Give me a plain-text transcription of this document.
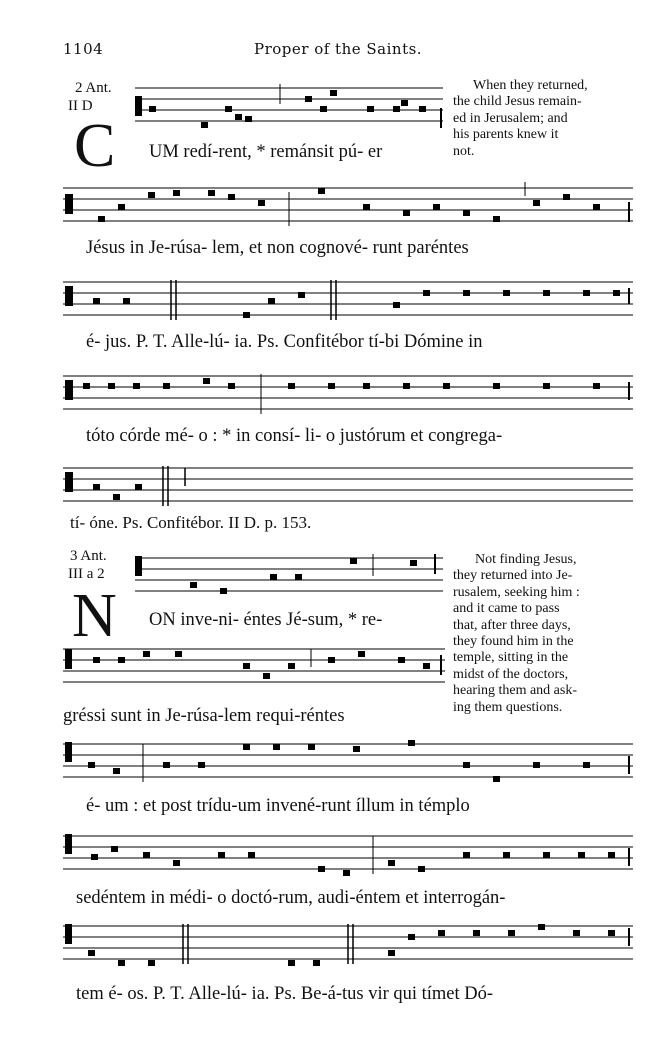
1104	Proper of the Saints.
2 Ant.
II D
C UM redí-rent, * remánsit pú- er
When they returned,
the child Jesus remain-
ed in Jerusalem; and
his parents knew it
not.
Jésus in Je-rúsa- lem, et non cognové- runt paréntes
é- jus. P. T. Alle-lú- ia. Ps. Confitébor tí-bi Dómine in
tóto córde mé- o : * in consí- li- o justórum et congrega-
tí- óne. Ps. Confitébor. II D. p. 153.
3 Ant.
III a 2
N ON inve-ni- éntes Jé-sum, * re-
Not finding Jesus,
they returned into Je-
rusalem, seeking him :
and it came to pass
that, after three days,
they found him in the
temple, sitting in the
midst of the doctors,
hearing them and ask-
ing them questions.
gréssi sunt in Je-rúsa-lem requi-réntes
é- um : et post trídu-um invené-runt íllum in témplo
sedéntem in médi- o doctó-rum, audi-éntem et interrogán-
tem é- os. P. T. Alle-lú- ia. Ps. Be-á-tus vir qui tímet Dó-
